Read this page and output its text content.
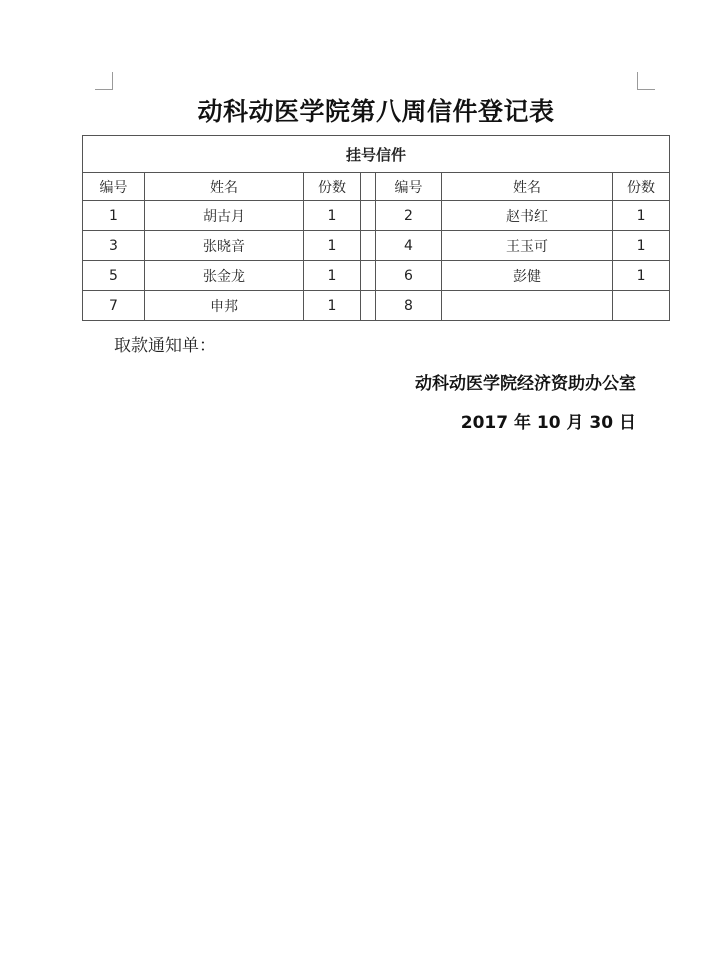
动科动医学院第八周信件登记表
挂号信件						
编号	姓名	份数		编号	姓名	份数
1	胡古月	1		2	赵书红	1
3	张晓音	1		4	王玉可	1
5	张金龙	1		6	彭健	1
7	申邦	1		8		
取款通知单：
动科动医学院经济资助办公室
2017 年 10 月 30 日
